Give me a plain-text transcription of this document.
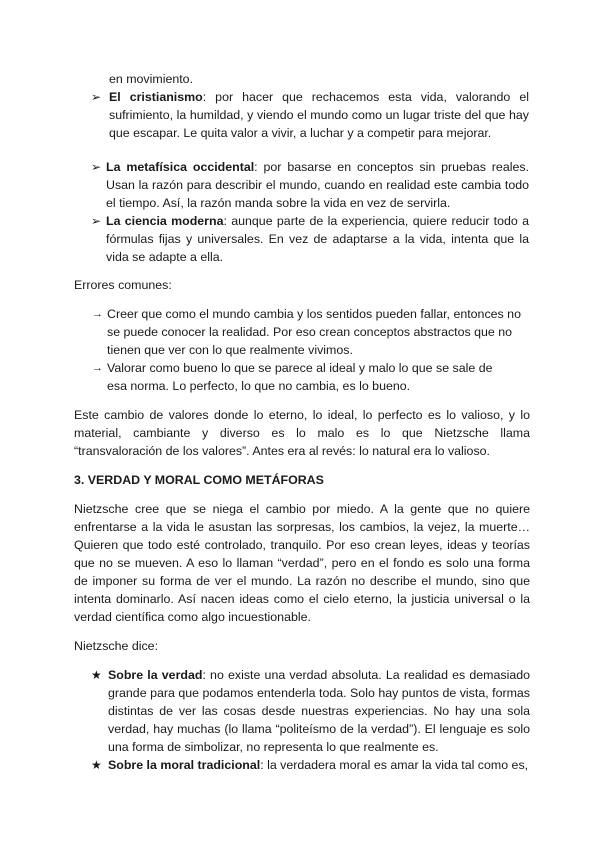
en movimiento.
➢ El cristianismo: por hacer que rechacemos esta vida, valorando el sufrimiento, la humildad, y viendo el mundo como un lugar triste del que hay que escapar. Le quita valor a vivir, a luchar y a competir para mejorar.
➢ La metafísica occidental: por basarse en conceptos sin pruebas reales. Usan la razón para describir el mundo, cuando en realidad este cambia todo el tiempo. Así, la razón manda sobre la vida en vez de servirla.
➢ La ciencia moderna: aunque parte de la experiencia, quiere reducir todo a fórmulas fijas y universales. En vez de adaptarse a la vida, intenta que la vida se adapte a ella.
Errores comunes:
→ Creer que como el mundo cambia y los sentidos pueden fallar, entonces no se puede conocer la realidad. Por eso crean conceptos abstractos que no tienen que ver con lo que realmente vivimos.
→ Valorar como bueno lo que se parece al ideal y malo lo que se sale de esa norma. Lo perfecto, lo que no cambia, es lo bueno.
Este cambio de valores donde lo eterno, lo ideal, lo perfecto es lo valioso, y lo material, cambiante y diverso es lo malo es lo que Nietzsche llama “transvaloración de los valores”. Antes era al revés: lo natural era lo valioso.
3. VERDAD Y MORAL COMO METÁFORAS
Nietzsche cree que se niega el cambio por miedo. A la gente que no quiere enfrentarse a la vida le asustan las sorpresas, los cambios, la vejez, la muerte… Quieren que todo esté controlado, tranquilo. Por eso crean leyes, ideas y teorías que no se mueven. A eso lo llaman “verdad”, pero en el fondo es solo una forma de imponer su forma de ver el mundo. La razón no describe el mundo, sino que intenta dominarlo. Así nacen ideas como el cielo eterno, la justicia universal o la verdad científica como algo incuestionable.
Nietzsche dice:
★ Sobre la verdad: no existe una verdad absoluta. La realidad es demasiado grande para que podamos entenderla toda. Solo hay puntos de vista, formas distintas de ver las cosas desde nuestras experiencias. No hay una sola verdad, hay muchas (lo llama “politeísmo de la verdad”). El lenguaje es solo una forma de simbolizar, no representa lo que realmente es.
★ Sobre la moral tradicional: la verdadera moral es amar la vida tal como es,
